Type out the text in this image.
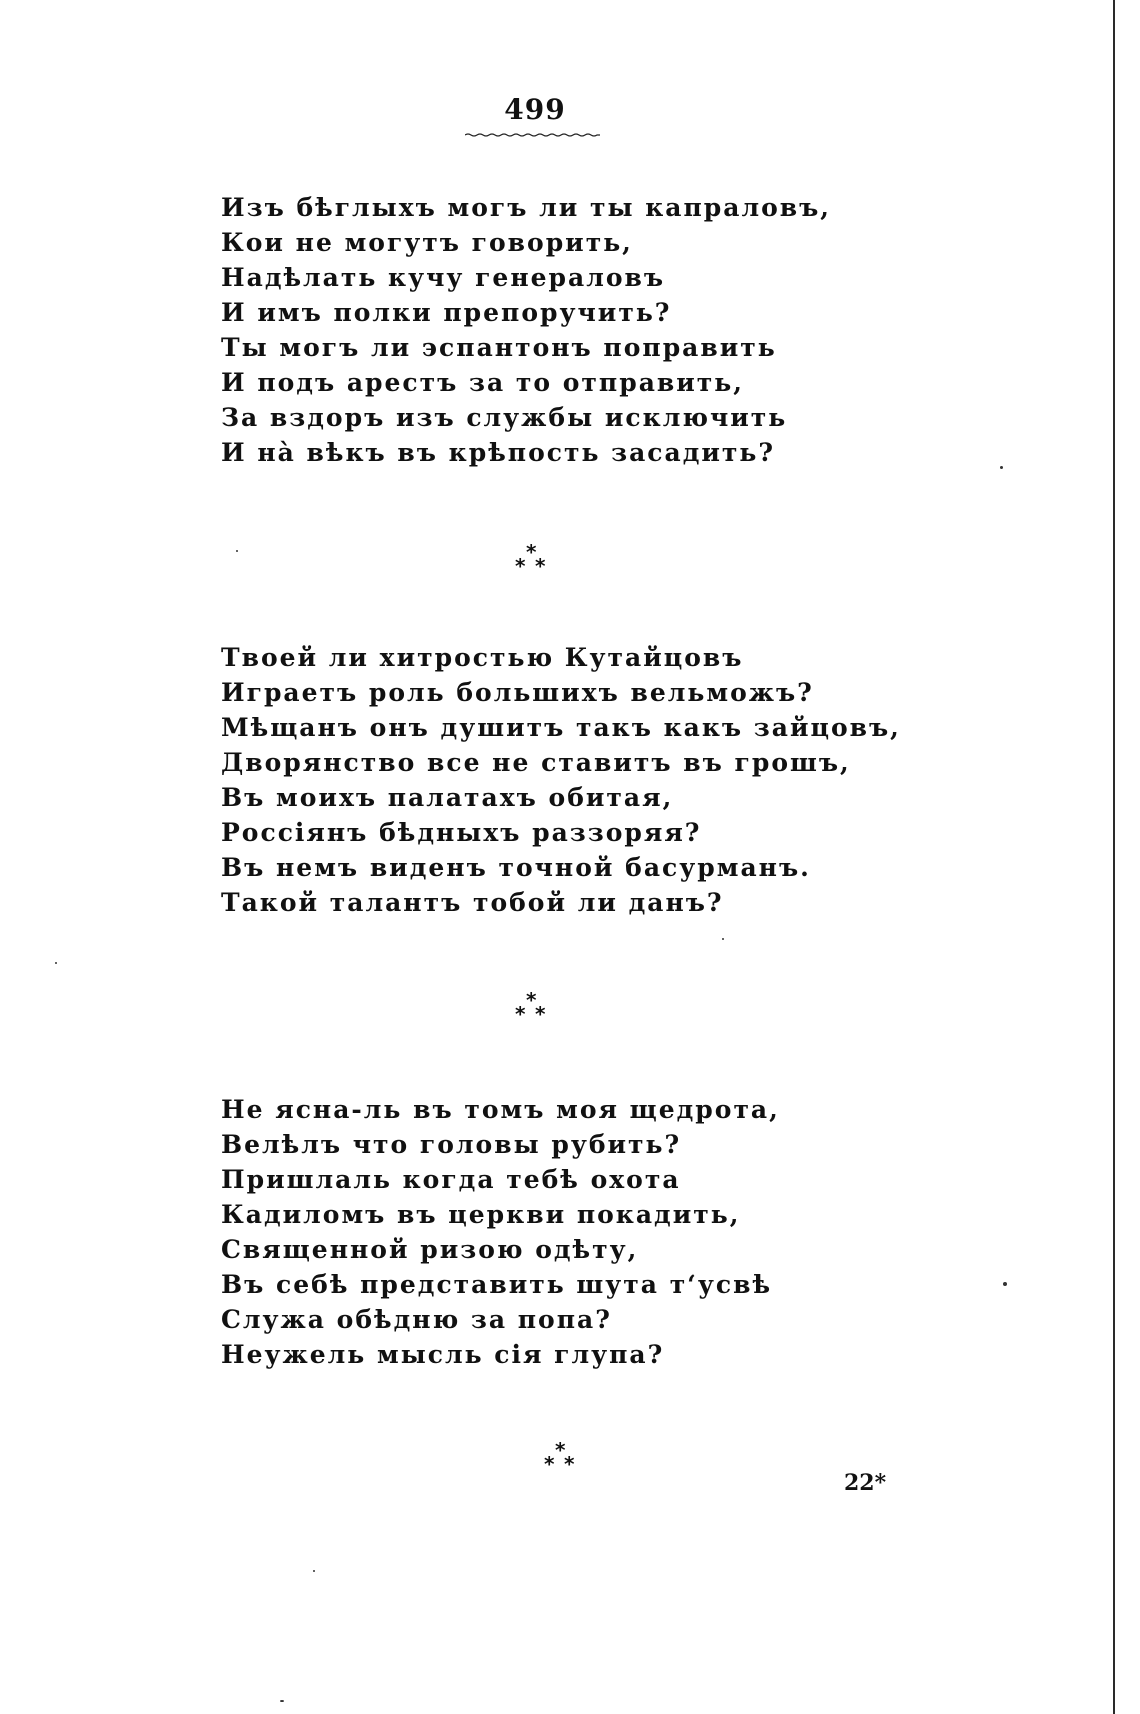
499
Изъ бѣглыхъ могъ ли ты капраловъ,
Кои не могутъ говорить,
Надѣлать кучу генераловъ
И имъ полки препоручить?
Ты могъ ли эспантонъ поправить
И подъ арестъ за то отправить,
За вздоръ изъ службы исключить
И на̀ вѣкъ въ крѣпость засадить?
*
* *
Твоей ли хитростью Кутайцовъ
Играетъ роль большихъ вельможъ?
Мѣщанъ онъ душитъ такъ какъ зайцовъ,
Дворянство все не ставитъ въ грошъ,
Въ моихъ палатахъ обитая,
Россіянъ бѣдныхъ раззоряя?
Въ немъ виденъ точной басурманъ.
Такой талантъ тобой ли данъ?
*
* *
Не ясна-ль въ томъ моя щедрота,
Велѣлъ что головы рубить?
Пришлаль когда тебѣ охота
Кадиломъ въ церкви покадить,
Священной ризою одѣту,
Въ себѣ представить шута т‘усвѣ
Служа обѣдню за попа?
Неужель мысль сія глупа?
*
* *
22*
